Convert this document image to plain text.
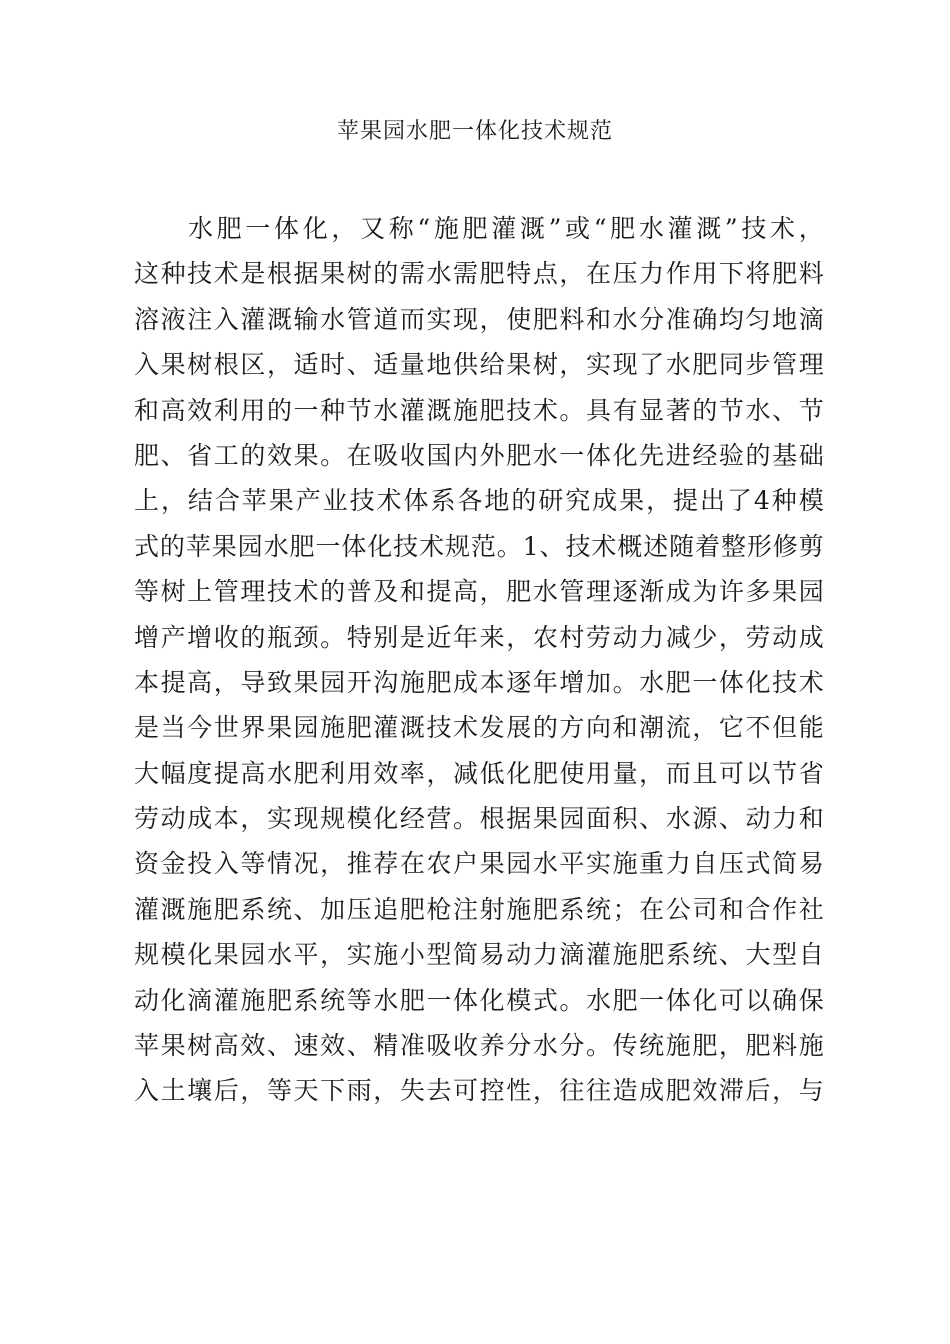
苹果园水肥一体化技术规范
水肥一体化，又称“施肥灌溉”或“肥水灌溉”技术，
这种技术是根据果树的需水需肥特点，在压力作用下将肥料
溶液注入灌溉输水管道而实现，使肥料和水分准确均匀地滴
入果树根区，适时、适量地供给果树，实现了水肥同步管理
和高效利用的一种节水灌溉施肥技术。具有显著的节水、节
肥、省工的效果。在吸收国内外肥水一体化先进经验的基础
上，结合苹果产业技术体系各地的研究成果，提出了4种模
式的苹果园水肥一体化技术规范。1、技术概述随着整形修剪
等树上管理技术的普及和提高，肥水管理逐渐成为许多果园
增产增收的瓶颈。特别是近年来，农村劳动力减少，劳动成
本提高，导致果园开沟施肥成本逐年增加。水肥一体化技术
是当今世界果园施肥灌溉技术发展的方向和潮流，它不但能
大幅度提高水肥利用效率，减低化肥使用量，而且可以节省
劳动成本，实现规模化经营。根据果园面积、水源、动力和
资金投入等情况，推荐在农户果园水平实施重力自压式简易
灌溉施肥系统、加压追肥枪注射施肥系统；在公司和合作社
规模化果园水平，实施小型简易动力滴灌施肥系统、大型自
动化滴灌施肥系统等水肥一体化模式。水肥一体化可以确保
苹果树高效、速效、精准吸收养分水分。传统施肥，肥料施
入土壤后，等天下雨，失去可控性，往往造成肥效滞后，与
